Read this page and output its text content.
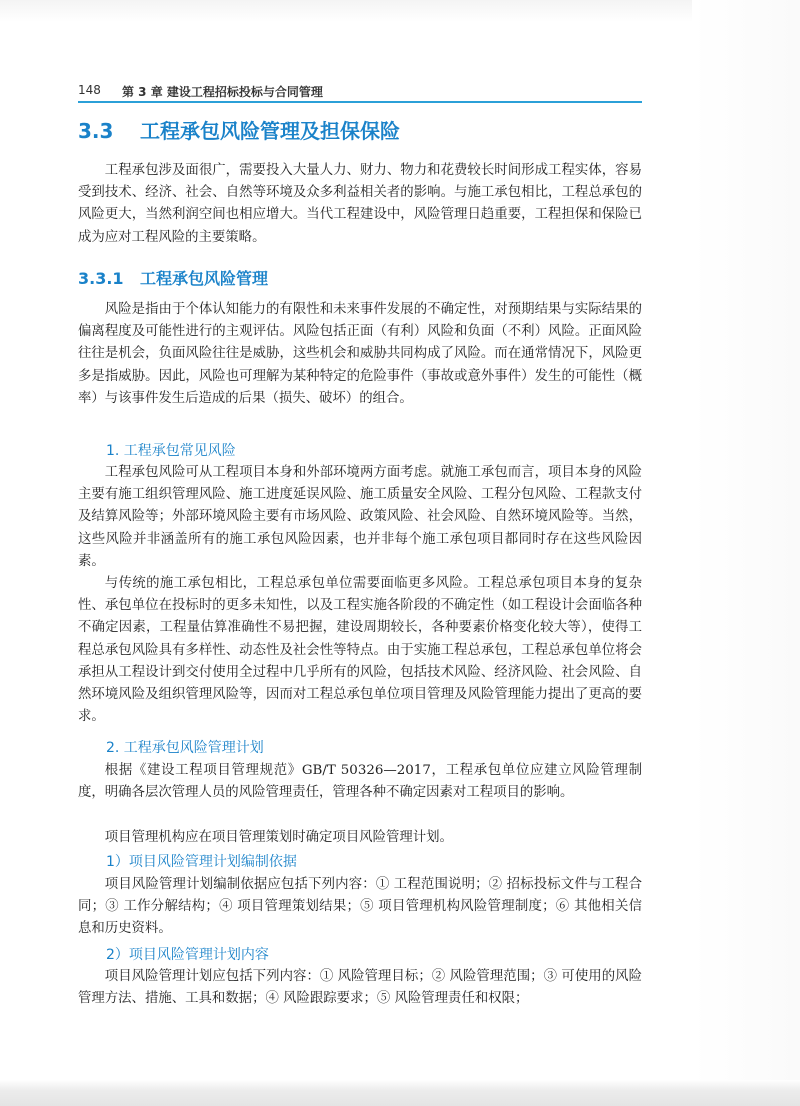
148 第 3 章 建设工程招标投标与合同管理
3.3 工程承包风险管理及担保保险

工程承包涉及面很广，需要投入大量人力、财力、物力和花费较长时间形成工程实体，容易受到技术、经济、社会、自然等环境及众多利益相关者的影响。与施工承包相比，工程总承包的风险更大，当然利润空间也相应增大。当代工程建设中，风险管理日趋重要，工程担保和保险已成为应对工程风险的主要策略。

3.3.1 工程承包风险管理

风险是指由于个体认知能力的有限性和未来事件发展的不确定性，对预期结果与实际结果的偏离程度及可能性进行的主观评估。风险包括正面（有利）风险和负面（不利）风险。正面风险往往是机会，负面风险往往是威胁，这些机会和威胁共同构成了风险。而在通常情况下，风险更多是指威胁。因此，风险也可理解为某种特定的危险事件（事故或意外事件）发生的可能性（概率）与该事件发生后造成的后果（损失、破坏）的组合。

1. 工程承包常见风险

工程承包风险可从工程项目本身和外部环境两方面考虑。就施工承包而言，项目本身的风险主要有施工组织管理风险、施工进度延误风险、施工质量安全风险、工程分包风险、工程款支付及结算风险等；外部环境风险主要有市场风险、政策风险、社会风险、自然环境风险等。当然，这些风险并非涵盖所有的施工承包风险因素，也并非每个施工承包项目都同时存在这些风险因素。

与传统的施工承包相比，工程总承包单位需要面临更多风险。工程总承包项目本身的复杂性、承包单位在投标时的更多未知性，以及工程实施各阶段的不确定性（如工程设计会面临各种不确定因素，工程量估算准确性不易把握，建设周期较长，各种要素价格变化较大等），使得工程总承包风险具有多样性、动态性及社会性等特点。由于实施工程总承包，工程总承包单位将会承担从工程设计到交付使用全过程中几乎所有的风险，包括技术风险、经济风险、社会风险、自然环境风险及组织管理风险等，因而对工程总承包单位项目管理及风险管理能力提出了更高的要求。

2. 工程承包风险管理计划

根据《建设工程项目管理规范》GB/T 50326—2017，工程承包单位应建立风险管理制度，明确各层次管理人员的风险管理责任，管理各种不确定因素对工程项目的影响。

项目管理机构应在项目管理策划时确定项目风险管理计划。

1）项目风险管理计划编制依据

项目风险管理计划编制依据应包括下列内容：① 工程范围说明；② 招标投标文件与工程合同；③ 工作分解结构；④ 项目管理策划结果；⑤ 项目管理机构风险管理制度；⑥ 其他相关信息和历史资料。

2）项目风险管理计划内容

项目风险管理计划应包括下列内容：① 风险管理目标；② 风险管理范围；③ 可使用的风险管理方法、措施、工具和数据；④ 风险跟踪要求；⑤ 风险管理责任和权限；
